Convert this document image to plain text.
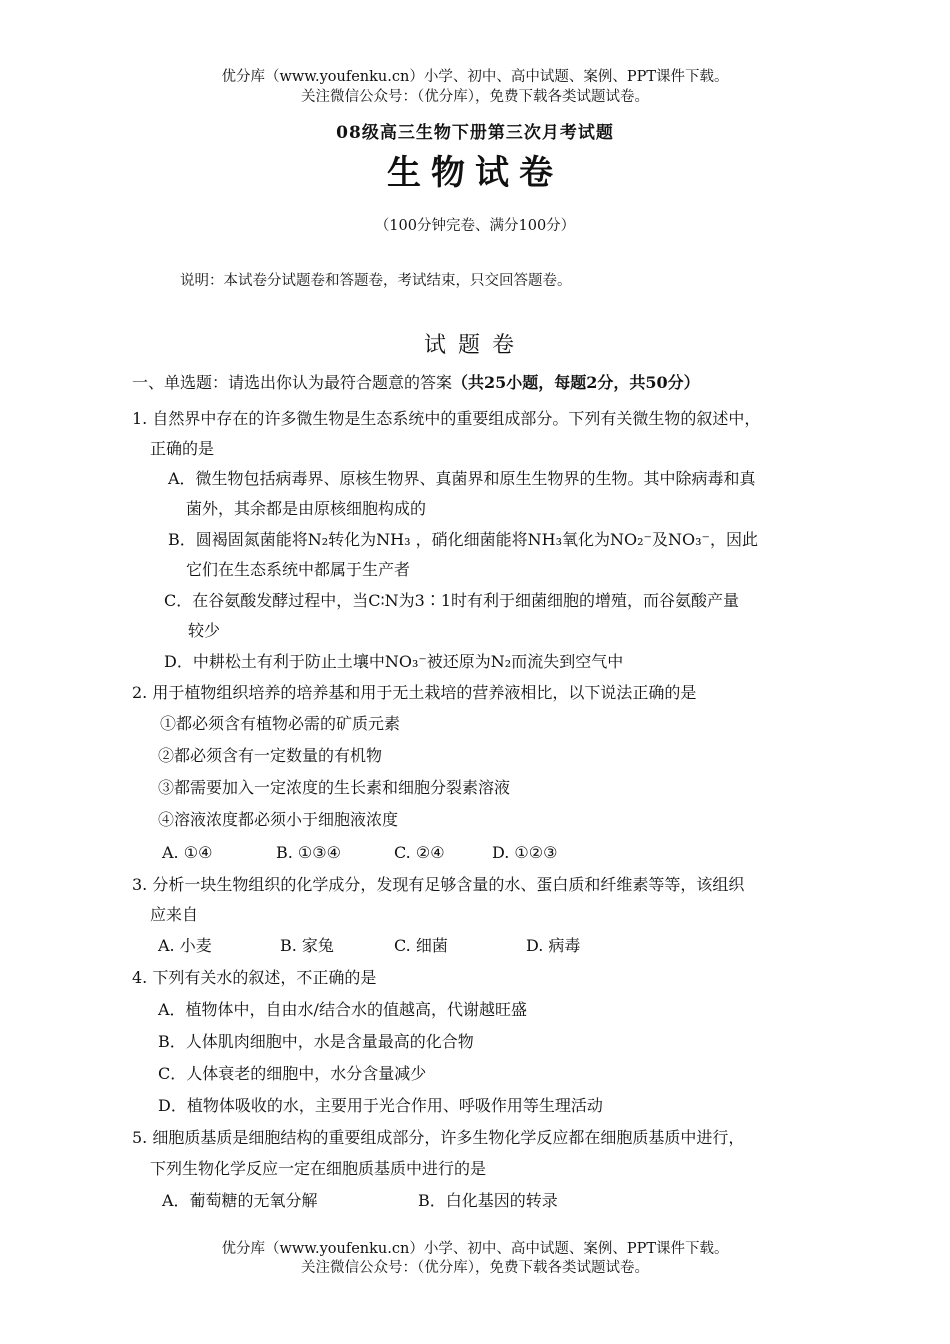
优分库（www.youfenku.cn）小学、初中、高中试题、案例、PPT课件下载。
关注微信公众号：（优分库），免费下载各类试题试卷。
08级高三生物下册第三次月考试题
生物试卷
（100分钟完卷、满分100分）
说明：本试卷分试题卷和答题卷，考试结束，只交回答题卷。
试题卷
一、单选题：请选出你认为最符合题意的答案（共25小题，每题2分，共50分）
1. 自然界中存在的许多微生物是生态系统中的重要组成部分。下列有关微生物的叙述中，
正确的是
A．微生物包括病毒界、原核生物界、真菌界和原生生物界的生物。其中除病毒和真
菌外，其余都是由原核细胞构成的
B．圆褐固氮菌能将N₂转化为NH₃ ，硝化细菌能将NH₃氧化为NO₂⁻及NO₃⁻，因此
它们在生态系统中都属于生产者
C．在谷氨酸发酵过程中，当C∶N为3∶1时有利于细菌细胞的增殖，而谷氨酸产量
较少
D．中耕松土有利于防止土壤中NO₃⁻被还原为N₂而流失到空气中
2. 用于植物组织培养的培养基和用于无土栽培的营养液相比，以下说法正确的是
①都必须含有植物必需的矿质元素
②都必须含有一定数量的有机物
③都需要加入一定浓度的生长素和细胞分裂素溶液
④溶液浓度都必须小于细胞液浓度
A. ①④	B. ①③④	C. ②④	D. ①②③
3. 分析一块生物组织的化学成分，发现有足够含量的水、蛋白质和纤维素等等，该组织
应来自
A. 小麦	B. 家兔	C. 细菌	D. 病毒
4. 下列有关水的叙述，不正确的是
A．植物体中，自由水/结合水的值越高，代谢越旺盛
B．人体肌肉细胞中，水是含量最高的化合物
C．人体衰老的细胞中，水分含量减少
D．植物体吸收的水，主要用于光合作用、呼吸作用等生理活动
5. 细胞质基质是细胞结构的重要组成部分，许多生物化学反应都在细胞质基质中进行，
下列生物化学反应一定在细胞质基质中进行的是
A．葡萄糖的无氧分解	B．白化基因的转录
优分库（www.youfenku.cn）小学、初中、高中试题、案例、PPT课件下载。
关注微信公众号：（优分库），免费下载各类试题试卷。
